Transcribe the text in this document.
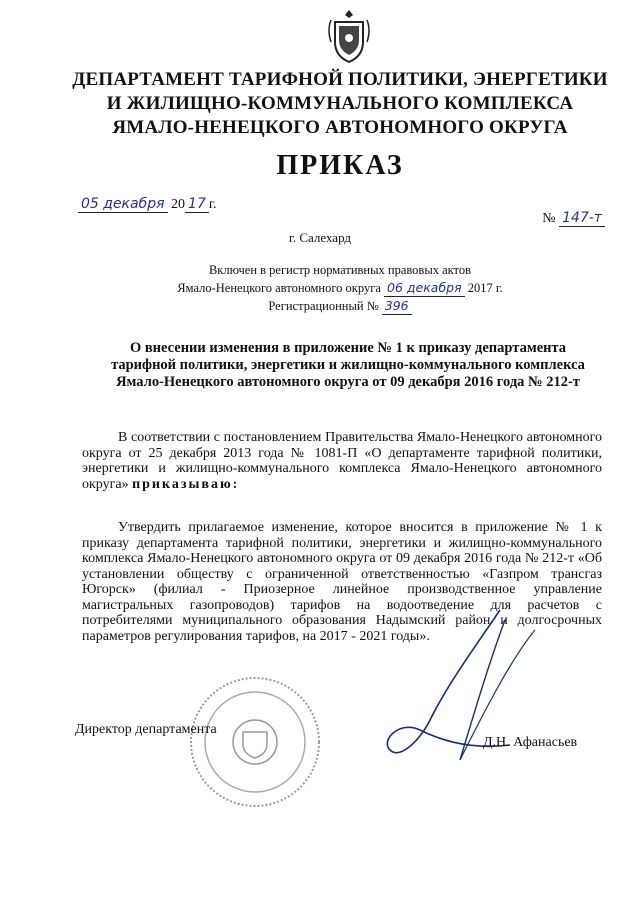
ДЕПАРТАМЕНТ ТАРИФНОЙ ПОЛИТИКИ, ЭНЕРГЕТИКИ
И ЖИЛИЩНО-КОММУНАЛЬНОГО КОМПЛЕКСА
ЯМАЛО-НЕНЕЦКОГО АВТОНОМНОГО ОКРУГА
ПРИКАЗ
05 декабря 20 17 г.
№ 147-т
г. Салехард
Включен в регистр нормативных правовых актов
Ямало-Ненецкого автономного округа 06 декабря 2017 г.
Регистрационный № 396
О внесении изменения в приложение № 1 к приказу департамента
тарифной политики, энергетики и жилищно-коммунального комплекса
Ямало-Ненецкого автономного округа от 09 декабря 2016 года № 212-т
В соответствии с постановлением Правительства Ямало-Ненецкого автономного округа от 25 декабря 2013 года № 1081-П «О департаменте тарифной политики, энергетики и жилищно-коммунального комплекса Ямало-Ненецкого автономного округа» приказываю:
Утвердить прилагаемое изменение, которое вносится в приложение № 1 к приказу департамента тарифной политики, энергетики и жилищно-коммунального комплекса Ямало-Ненецкого автономного округа от 09 декабря 2016 года № 212-т «Об установлении обществу с ограниченной ответственностью «Газпром трансгаз Югорск» (филиал - Приозерное линейное производственное управление магистральных газопроводов) тарифов на водоотведение для расчетов с потребителями муниципального образования Надымский район и долгосрочных параметров регулирования тарифов, на 2017 - 2021 годы».
Директор департамента
Д.Н. Афанасьев
